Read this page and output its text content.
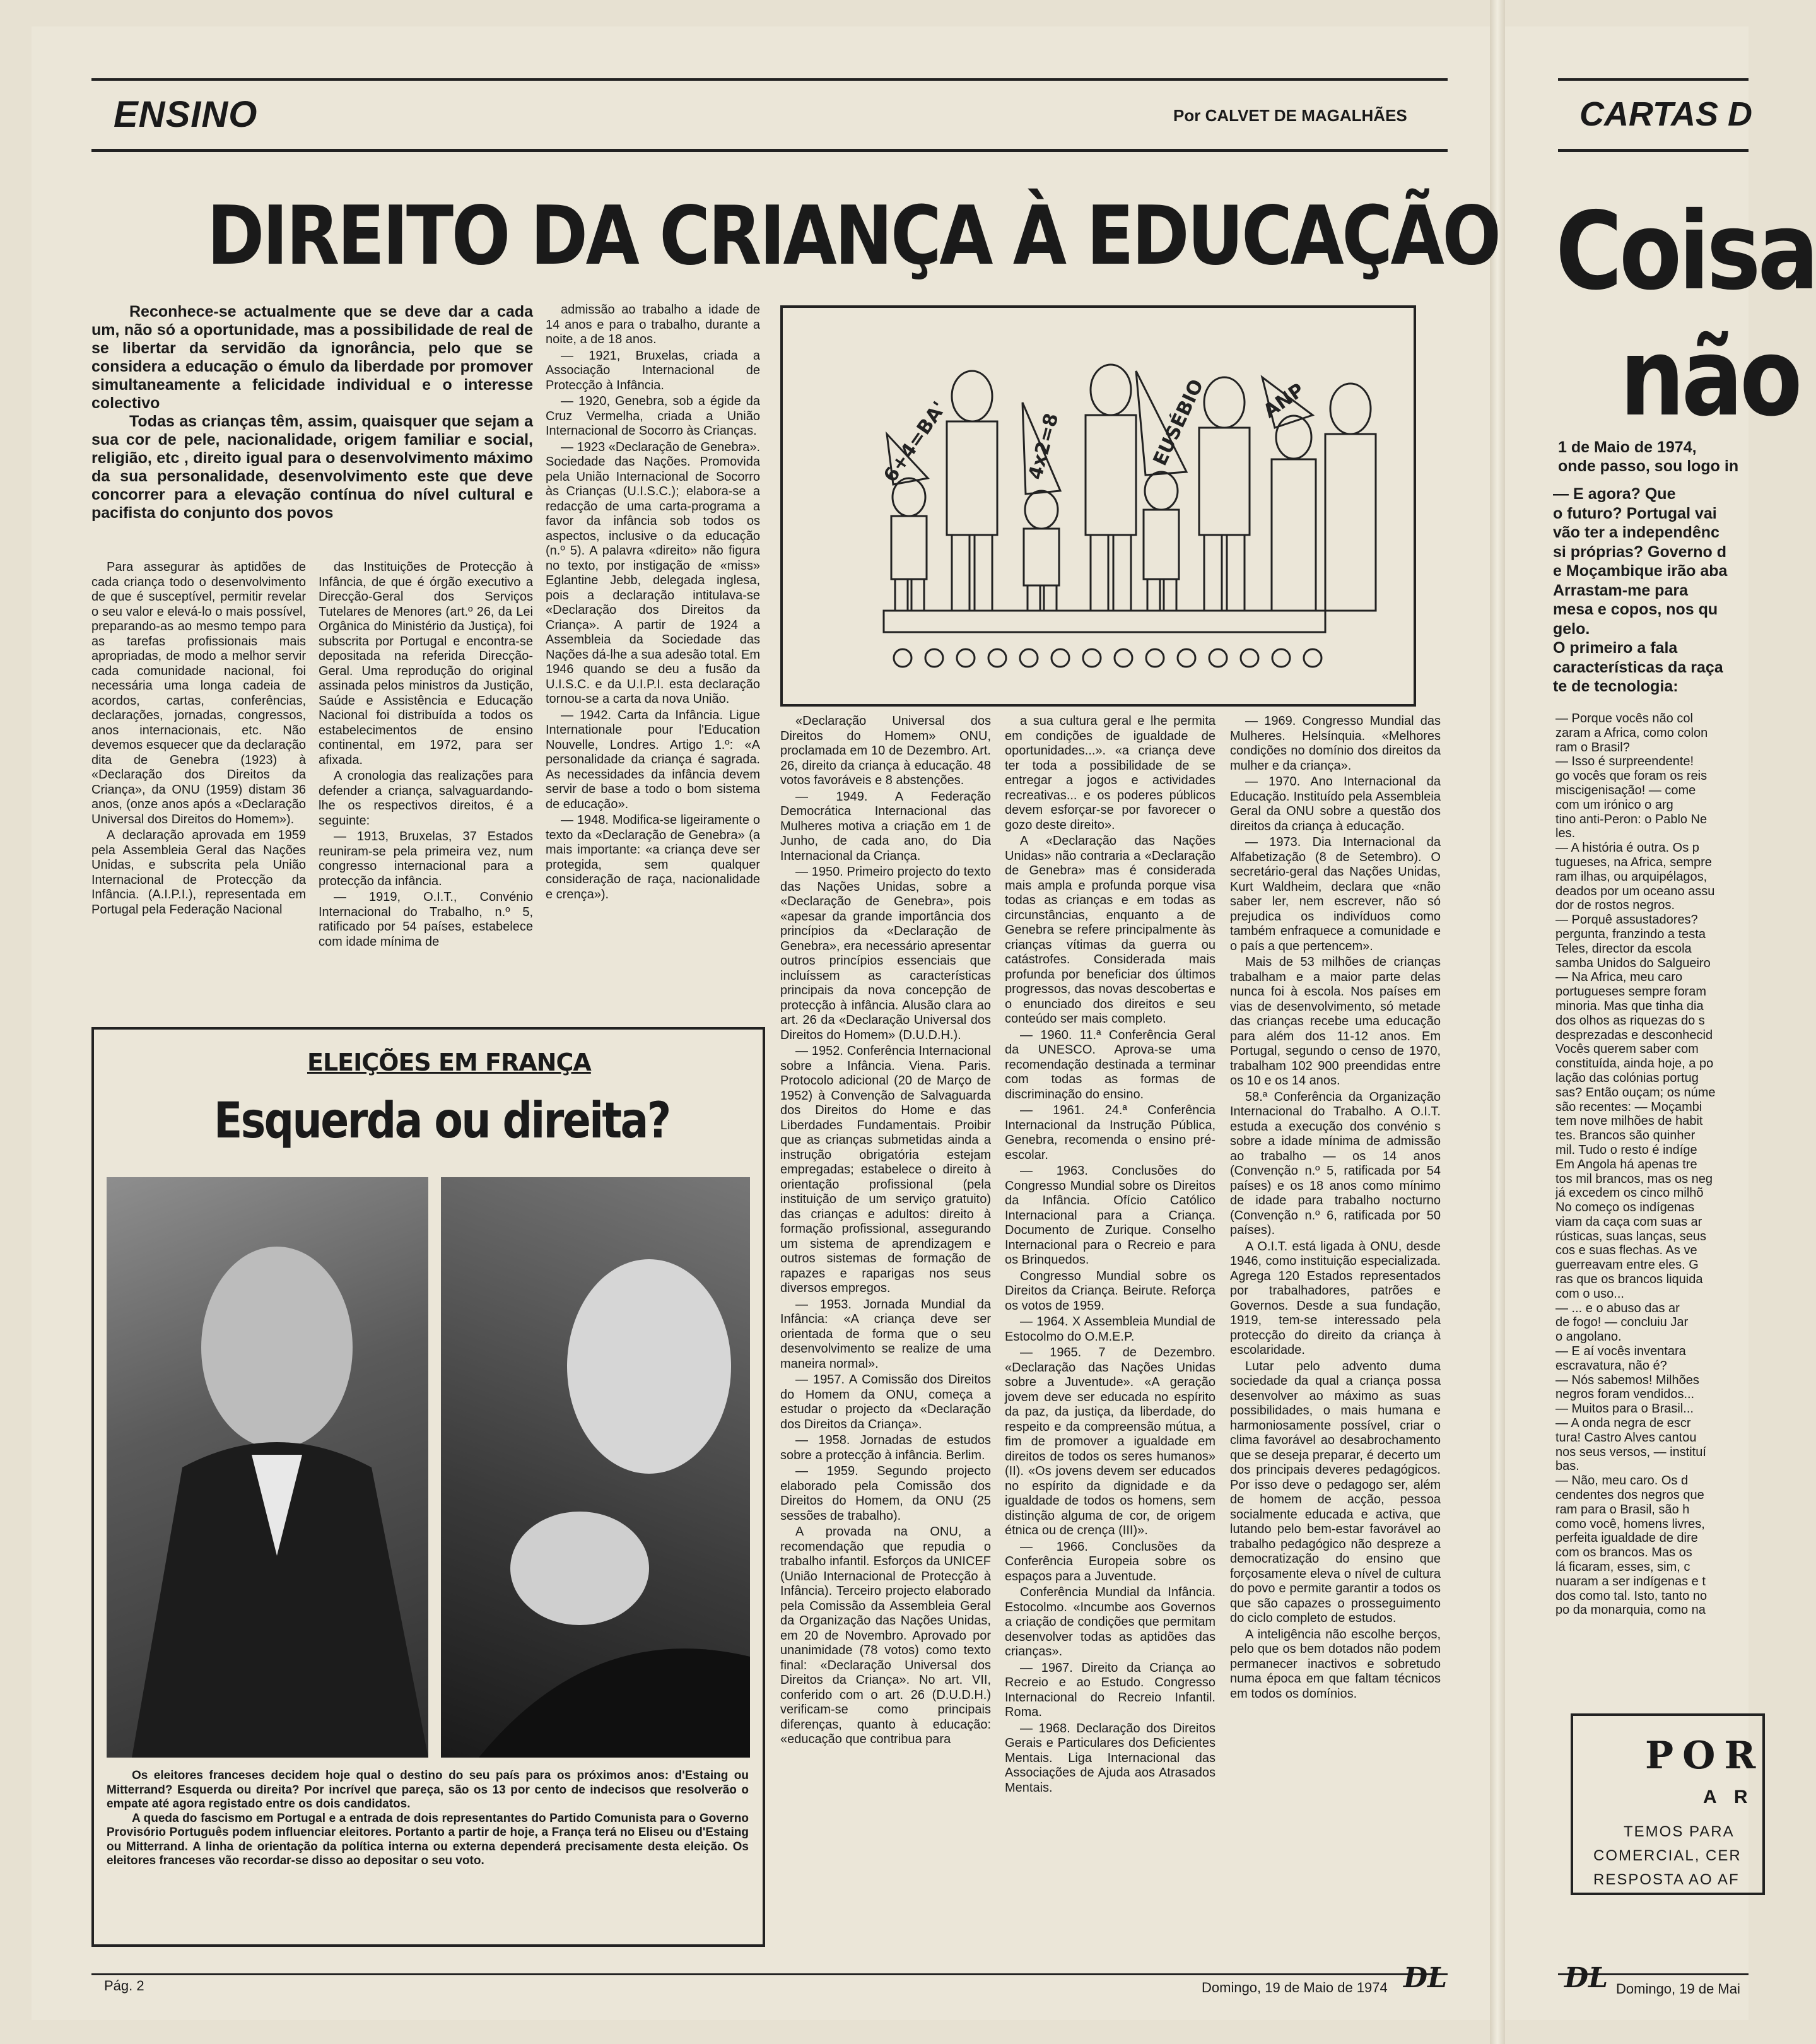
ENSINO	Por CALVET DE MAGALHÃES
DIREITO DA CRIANÇA À EDUCAÇÃO

Reconhece-se actualmente que se deve dar a cada um, não só a oportunidade, mas a possibilidade de real de se libertar da servidão da ignorância, pelo que se considera a educação o émulo da liberdade por promover simultaneamente a felicidade individual e o interesse colectivo

Todas as crianças têm, assim, quaisquer que sejam a sua cor de pele, nacionalidade, origem familiar e social, religião, etc , direito igual para o desenvolvimento máximo da sua personalidade, desenvolvimento este que deve concorrer para a elevação contínua do nível cultural e pacifista do conjunto dos povos

Para assegurar às aptidões de cada criança todo o desenvolvimento de que é susceptível, permitir revelar o seu valor e elevá-lo o mais possível, preparando-as ao mesmo tempo para as tarefas profissionais mais apropriadas, de modo a melhor servir cada comunidade nacional, foi necessária uma longa cadeia de acordos, cartas, conferências, declarações, jornadas, congressos, anos internacionais, etc. Não devemos esquecer que da declaração dita de Genebra (1923) à «Declaração dos Direitos da Criança», da ONU (1959) distam 36 anos, (onze anos após a «Declaração Universal dos Direitos do Homem»).

A declaração aprovada em 1959 pela Assembleia Geral das Nações Unidas, e subscrita pela União Internacional de Protecção da Infância. (A.I.P.I.), representada em Portugal pela Federação Nacional

das Instituições de Protecção à Infância, de que é órgão executivo a Direcção-Geral dos Serviços Tutelares de Menores (art.º 26, da Lei Orgânica do Ministério da Justiça), foi subscrita por Portugal e encontra-se depositada na referida Direcção-Geral. Uma reprodução do original assinada pelos ministros da Justição, Saúde e Assistência e Educação Nacional foi distribuída a todos os estabelecimentos de ensino continental, em 1972, para ser afixada.

A cronologia das realizações para defender a criança, salvaguardando-lhe os respectivos direitos, é a seguinte:

— 1913, Bruxelas, 37 Estados reuniram-se pela primeira vez, num congresso internacional para a protecção da infância.

— 1919, O.I.T., Convénio Internacional do Trabalho, n.º 5, ratificado por 54 países, estabelece com idade mínima de

admissão ao trabalho a idade de 14 anos e para o trabalho, durante a noite, a de 18 anos.

— 1921, Bruxelas, criada a Associação Internacional de Protecção à Infância.

— 1920, Genebra, sob a égide da Cruz Vermelha, criada a União Internacional de Socorro às Crianças.

— 1923 «Declaração de Genebra». Sociedade das Nações. Promovida pela União Internacional de Socorro às Crianças (U.I.S.C.); elabora-se a redacção de uma carta-programa a favor da infância sob todos os aspectos, inclusive o da educação (n.º 5). A palavra «direito» não figura no texto, por instigação de «miss» Eglantine Jebb, delegada inglesa, pois a declaração intitulava-se «Declaração dos Direitos da Criança». A partir de 1924 a Assembleia da Sociedade das Nações dá-lhe a sua adesão total. Em 1946 quando se deu a fusão da U.I.S.C. e da U.I.P.I. esta declaração tornou-se a carta da nova União.

— 1942. Carta da Infância. Ligue Internationale pour l'Education Nouvelle, Londres. Artigo 1.º: «A personalidade da criança é sagrada. As necessidades da infância devem servir de base a todo o bom sistema de educação».

— 1948. Modifica-se ligeiramente o texto da «Declaração de Genebra» (a mais importante: «a criança deve ser protegida, sem qualquer consideração de raça, nacionalidade e crença»).

6+4=BA'	4x2=8	EUSÉBIO	ANP

«Declaração Universal dos Direitos do Homem» ONU, proclamada em 10 de Dezembro. Art. 26, direito da criança à educação. 48 votos favoráveis e 8 abstenções.

— 1949. A Federação Democrática Internacional das Mulheres motiva a criação em 1 de Junho, de cada ano, do Dia Internacional da Criança.

— 1950. Primeiro projecto do texto das Nações Unidas, sobre a «Declaração de Genebra», pois «apesar da grande importância dos princípios da «Declaração de Genebra», era necessário apresentar outros princípios essenciais que incluíssem as características principais da nova concepção de protecção à infância. Alusão clara ao art. 26 da «Declaração Universal dos Direitos do Homem» (D.U.D.H.).

— 1952. Conferência Internacional sobre a Infância. Viena. Paris. Protocolo adicional (20 de Março de 1952) à Convenção de Salvaguarda dos Direitos do Home e das Liberdades Fundamentais. Proibir que as crianças submetidas ainda a instrução obrigatória estejam empregadas; estabelece o direito à orientação profissional (pela instituição de um serviço gratuito) das crianças e adultos: direito à formação profissional, assegurando um sistema de aprendizagem e outros sistemas de formação de rapazes e raparigas nos seus diversos empregos.

— 1953. Jornada Mundial da Infância: «A criança deve ser orientada de forma que o seu desenvolvimento se realize de uma maneira normal».

— 1957. A Comissão dos Direitos do Homem da ONU, começa a estudar o projecto da «Declaração dos Direitos da Criança».

— 1958. Jornadas de estudos sobre a protecção à infância. Berlim.

— 1959. Segundo projecto elaborado pela Comissão dos Direitos do Homem, da ONU (25 sessões de trabalho).

A provada na ONU, a recomendação que repudia o trabalho infantil. Esforços da UNICEF (União Internacional de Protecção à Infância). Terceiro projecto elaborado pela Comissão da Assembleia Geral da Organização das Nações Unidas, em 20 de Novembro. Aprovado por unanimidade (78 votos) como texto final: «Declaração Universal dos Direitos da Criança». No art. VII, conferido com o art. 26 (D.U.D.H.) verificam-se como principais diferenças, quanto à educação: «educação que contribua para

a sua cultura geral e lhe permita em condições de igualdade de oportunidades...». «a criança deve ter toda a possibilidade de se entregar a jogos e actividades recreativas... e os poderes públicos devem esforçar-se por favorecer o gozo deste direito».

A «Declaração das Nações Unidas» não contraria a «Declaração de Genebra» mas é considerada mais ampla e profunda porque visa todas as crianças e em todas as circunstâncias, enquanto a de Genebra se refere principalmente às crianças vítimas da guerra ou catástrofes. Considerada mais profunda por beneficiar dos últimos progressos, das novas descobertas e o enunciado dos direitos e seu conteúdo ser mais completo.

— 1960. 11.ª Conferência Geral da UNESCO. Aprova-se uma recomendação destinada a terminar com todas as formas de discriminação do ensino.

— 1961. 24.ª Conferência Internacional da Instrução Pública, Genebra, recomenda o ensino pré-escolar.

— 1963. Conclusões do Congresso Mundial sobre os Direitos da Infância. Ofício Católico Internacional para a Criança. Documento de Zurique. Conselho Internacional para o Recreio e para os Brinquedos.

Congresso Mundial sobre os Direitos da Criança. Beirute. Reforça os votos de 1959.

— 1964. X Assembleia Mundial de Estocolmo do O.M.E.P.

— 1965. 7 de Dezembro. «Declaração das Nações Unidas sobre a Juventude». «A geração jovem deve ser educada no espírito da paz, da justiça, da liberdade, do respeito e da compreensão mútua, a fim de promover a igualdade em direitos de todos os seres humanos» (II). «Os jovens devem ser educados no espírito da dignidade e da igualdade de todos os homens, sem distinção alguma de cor, de origem étnica ou de crença (III)».

— 1966. Conclusões da Conferência Europeia sobre os espaços para a Juventude.

Conferência Mundial da Infância. Estocolmo. «Incumbe aos Governos a criação de condições que permitam desenvolver todas as aptidões das crianças».

— 1967. Direito da Criança ao Recreio e ao Estudo. Congresso Internacional do Recreio Infantil. Roma.

— 1968. Declaração dos Direitos Gerais e Particulares dos Deficientes Mentais. Liga Internacional das Associações de Ajuda aos Atrasados Mentais.

— 1969. Congresso Mundial das Mulheres. Helsínquia. «Melhores condições no domínio dos direitos da mulher e da criança».

— 1970. Ano Internacional da Educação. Instituído pela Assembleia Geral da ONU sobre a questão dos direitos da criança à educação.

— 1973. Dia Internacional da Alfabetização (8 de Setembro). O secretário-geral das Nações Unidas, Kurt Waldheim, declara que «não saber ler, nem escrever, não só prejudica os indivíduos como também enfraquece a comunidade e o país a que pertencem».

Mais de 53 milhões de crianças trabalham e a maior parte delas nunca foi à escola. Nos países em vias de desenvolvimento, só metade das crianças recebe uma educação para além dos 11-12 anos. Em Portugal, segundo o censo de 1970, trabalham 102 900 preendidas entre os 10 e os 14 anos.

58.ª Conferência da Organização Internacional do Trabalho. A O.I.T. estuda a execução dos convénio s sobre a idade mínima de admissão ao trabalho — os 14 anos (Convenção n.º 5, ratificada por 54 países) e os 18 anos como mínimo de idade para trabalho nocturno (Convenção n.º 6, ratificada por 50 países).

A O.I.T. está ligada à ONU, desde 1946, como instituição especializada. Agrega 120 Estados representados por trabalhadores, patrões e Governos. Desde a sua fundação, 1919, tem-se interessado pela protecção do direito da criança à escolaridade.

Lutar pelo advento duma sociedade da qual a criança possa desenvolver ao máximo as suas possibilidades, o mais humana e harmoniosamente possível, criar o clima favorável ao desabrochamento que se deseja preparar, é decerto um dos principais deveres pedagógicos. Por isso deve o pedagogo ser, além de homem de acção, pessoa socialmente educada e activa, que lutando pelo bem-estar favorável ao trabalho pedagógico não despreze a democratização do ensino que forçosamente eleva o nível de cultura do povo e permite garantir a todos os que são capazes o prosseguimento do ciclo completo de estudos.

A inteligência não escolhe berços, pelo que os bem dotados não podem permanecer inactivos e sobretudo numa época em que faltam técnicos em todos os domínios.

ELEIÇÕES EM FRANÇA
Esquerda ou direita?

Os eleitores franceses decidem hoje qual o destino do seu país para os próximos anos: d'Estaing ou Mitterrand? Esquerda ou direita? Por incrível que pareça, são os 13 por cento de indecisos que resolverão o empate até agora registado entre os dois candidatos.

A queda do fascismo em Portugal e a entrada de dois representantes do Partido Comunista para o Governo Provisório Português podem influenciar eleitores. Portanto a partir de hoje, a França terá no Eliseu ou d'Estaing ou Mitterrand. A linha de orientação da política interna ou externa dependerá precisamente desta eleição. Os eleitores franceses vão recordar-se disso ao depositar o seu voto.

Pág. 2	Domingo, 19 de Maio de 1974 DL
CARTAS D
Coisa
não
1 de Maio de 1974,
onde passo, sou logo in
— E agora? Que
o futuro? Portugal vai
vão ter a independênc
si próprias? Governo d
e Moçambique irão aba
Arrastam-me para
mesa e copos, nos qu
gelo.
O primeiro a fala
características da raça
te de tecnologia:
— Porque vocês não col
zaram a Africa, como colon
ram o Brasil?
— Isso é surpreendente!
go vocês que foram os reis
miscigenisação! — come
com um irónico o arg
tino anti-Peron: o Pablo Ne
les.
— A história é outra. Os p
tugueses, na Africa, sempre
ram ilhas, ou arquipélagos,
deados por um oceano assu
dor de rostos negros.
— Porquê assustadores?
pergunta, franzindo a testa
Teles, director da escola
samba Unidos do Salgueiro
— Na Africa, meu caro
portugueses sempre foram
minoria. Mas que tinha dia
dos olhos as riquezas do s
desprezadas e desconhecid
Vocês querem saber com
constituída, ainda hoje, a po
lação das colónias portug
sas? Então ouçam; os núme
são recentes: — Moçambi
tem nove milhões de habit
tes. Brancos são quinher
mil. Tudo o resto é indíge
Em Angola há apenas tre
tos mil brancos, mas os neg
já excedem os cinco milhõ
No começo os indígenas
viam da caça com suas ar
rústicas, suas lanças, seus
cos e suas flechas. As ve
guerreavam entre eles. G
ras que os brancos liquida
com o uso...
— ... e o abuso das ar
de fogo! — concluiu Jar
o angolano.
— E aí vocês inventara
escravatura, não é?
— Nós sabemos! Milhões
negros foram vendidos...
— Muitos para o Brasil...
— A onda negra de escr
tura! Castro Alves cantou
nos seus versos, — instituí
bas.
— Não, meu caro. Os d
cendentes dos negros que
ram para o Brasil, são h
como você, homens livres,
perfeita igualdade de dire
com os brancos. Mas os
lá ficaram, esses, sim, c
nuaram a ser indígenas e t
dos como tal. Isto, tanto no
po da monarquia, como na
POR
A R
TEMOS PARA
COMERCIAL, CER
RESPOSTA AO AF
DL Domingo, 19 de Mai
